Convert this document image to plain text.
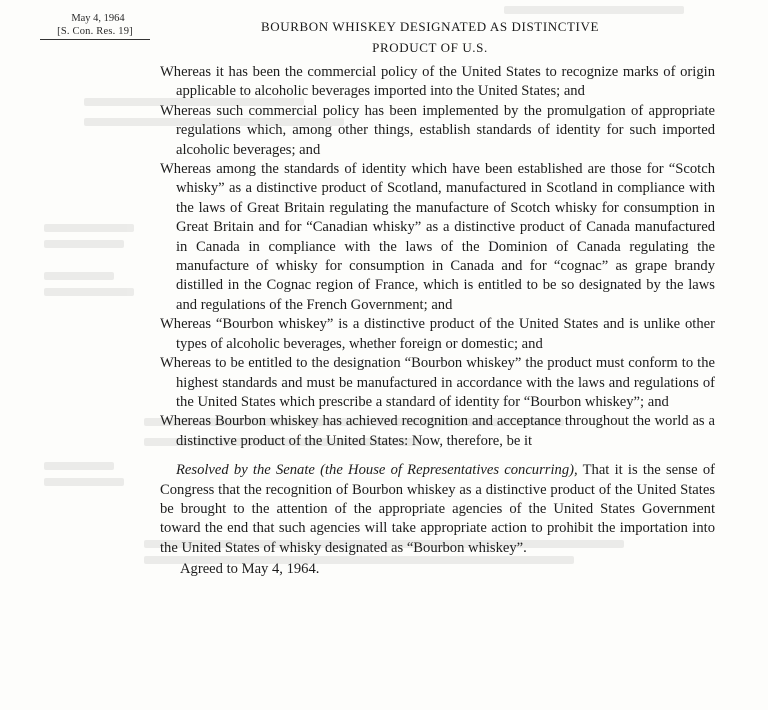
May 4, 1964
[S. Con. Res. 19]	BOURBON WHISKEY DESIGNATED AS DISTINCTIVE
PRODUCT OF U.S.

Whereas it has been the commercial policy of the United States to recognize marks of origin applicable to alcoholic beverages imported into the United States; and

Whereas such commercial policy has been implemented by the promulgation of appropriate regulations which, among other things, establish standards of identity for such imported alcoholic beverages; and

Whereas among the standards of identity which have been established are those for “Scotch whisky” as a distinctive product of Scotland, manufactured in Scotland in compliance with the laws of Great Britain regulating the manufacture of Scotch whisky for consumption in Great Britain and for “Canadian whisky” as a distinctive product of Canada manufactured in Canada in compliance with the laws of the Dominion of Canada regulating the manufacture of whisky for consumption in Canada and for “cognac” as grape brandy distilled in the Cognac region of France, which is entitled to be so designated by the laws and regulations of the French Government; and

Whereas “Bourbon whiskey” is a distinctive product of the United States and is unlike other types of alcoholic beverages, whether foreign or domestic; and

Whereas to be entitled to the designation “Bourbon whiskey” the product must conform to the highest standards and must be manufactured in accordance with the laws and regulations of the United States which prescribe a standard of identity for “Bourbon whiskey”; and

Whereas Bourbon whiskey has achieved recognition and acceptance throughout the world as a distinctive product of the United States: Now, therefore, be it

Resolved by the Senate (the House of Representatives concurring), That it is the sense of Congress that the recognition of Bourbon whiskey as a distinctive product of the United States be brought to the attention of the appropriate agencies of the United States Government toward the end that such agencies will take appropriate action to prohibit the importation into the United States of whisky designated as “Bourbon whiskey”.

Agreed to May 4, 1964.
